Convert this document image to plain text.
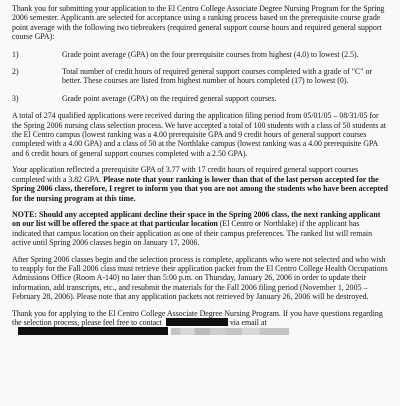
Thank you for submitting your application to the El Centro College Associate Degree Nursing Program for the Spring 2006 semester. Applicants are selected for acceptance using a ranking process based on the prerequisite course grade point average with the following two tiebreakers (required general support course hours and required general support course GPA):

1)	Grade point average (GPA) on the four prerequisite courses from highest (4.0) to lowest (2.5).
2)	Total number of credit hours of required general support courses completed with a grade of "C" or better. These courses are listed from highest number of hours completed (17) to lowest (0).
3)	Grade point average (GPA) on the required general support courses.

A total of 274 qualified applications were received during the application filing period from 05/01/05 – 08/31/05 for the Spring 2006 nursing class selection process. We have accepted a total of 100 students with a class of 50 students at the El Centro campus (lowest ranking was a 4.00 prerequisite GPA and 9 credit hours of general support courses completed with a 4.00 GPA) and a class of 50 at the Northlake campus (lowest ranking was a 4.00 prerequisite GPA and 6 credit hours of general support courses completed with a 2.50 GPA).

Your application reflected a prerequisite GPA of 3.77 with 17 credit hours of required general support courses completed with a 3.82 GPA. Please note that your ranking is lower than that of the last person accepted for the Spring 2006 class, therefore, I regret to inform you that you are not among the students who have been accepted for the nursing program at this time.

NOTE: Should any accepted applicant decline their space in the Spring 2006 class, the next ranking applicant on our list will be offered the space at that particular location (El Centro or Northlake) if the applicant has indicated that campus location on their application as one of their campus preferences. The ranked list will remain active until Spring 2006 classes begin on January 17, 2006.

After Spring 2006 classes begin and the selection process is complete, applicants who were not selected and who wish to reapply for the Fall 2006 class must retrieve their application packet from the El Centro College Health Occupations Admissions Office (Room A-140) no later than 5:00 p.m. on Thursday, January 26, 2006 in order to update their information, add transcripts, etc., and resubmit the materials for the Fall 2006 filing period (November 1, 2005 – February 28, 2006). Please note that any application packets not retrieved by January 26, 2006 will be destroyed.

Thank you for applying to the El Centro College Associate Degree Nursing Program. If you have questions regarding the selection process, please feel free to contact	via email at
